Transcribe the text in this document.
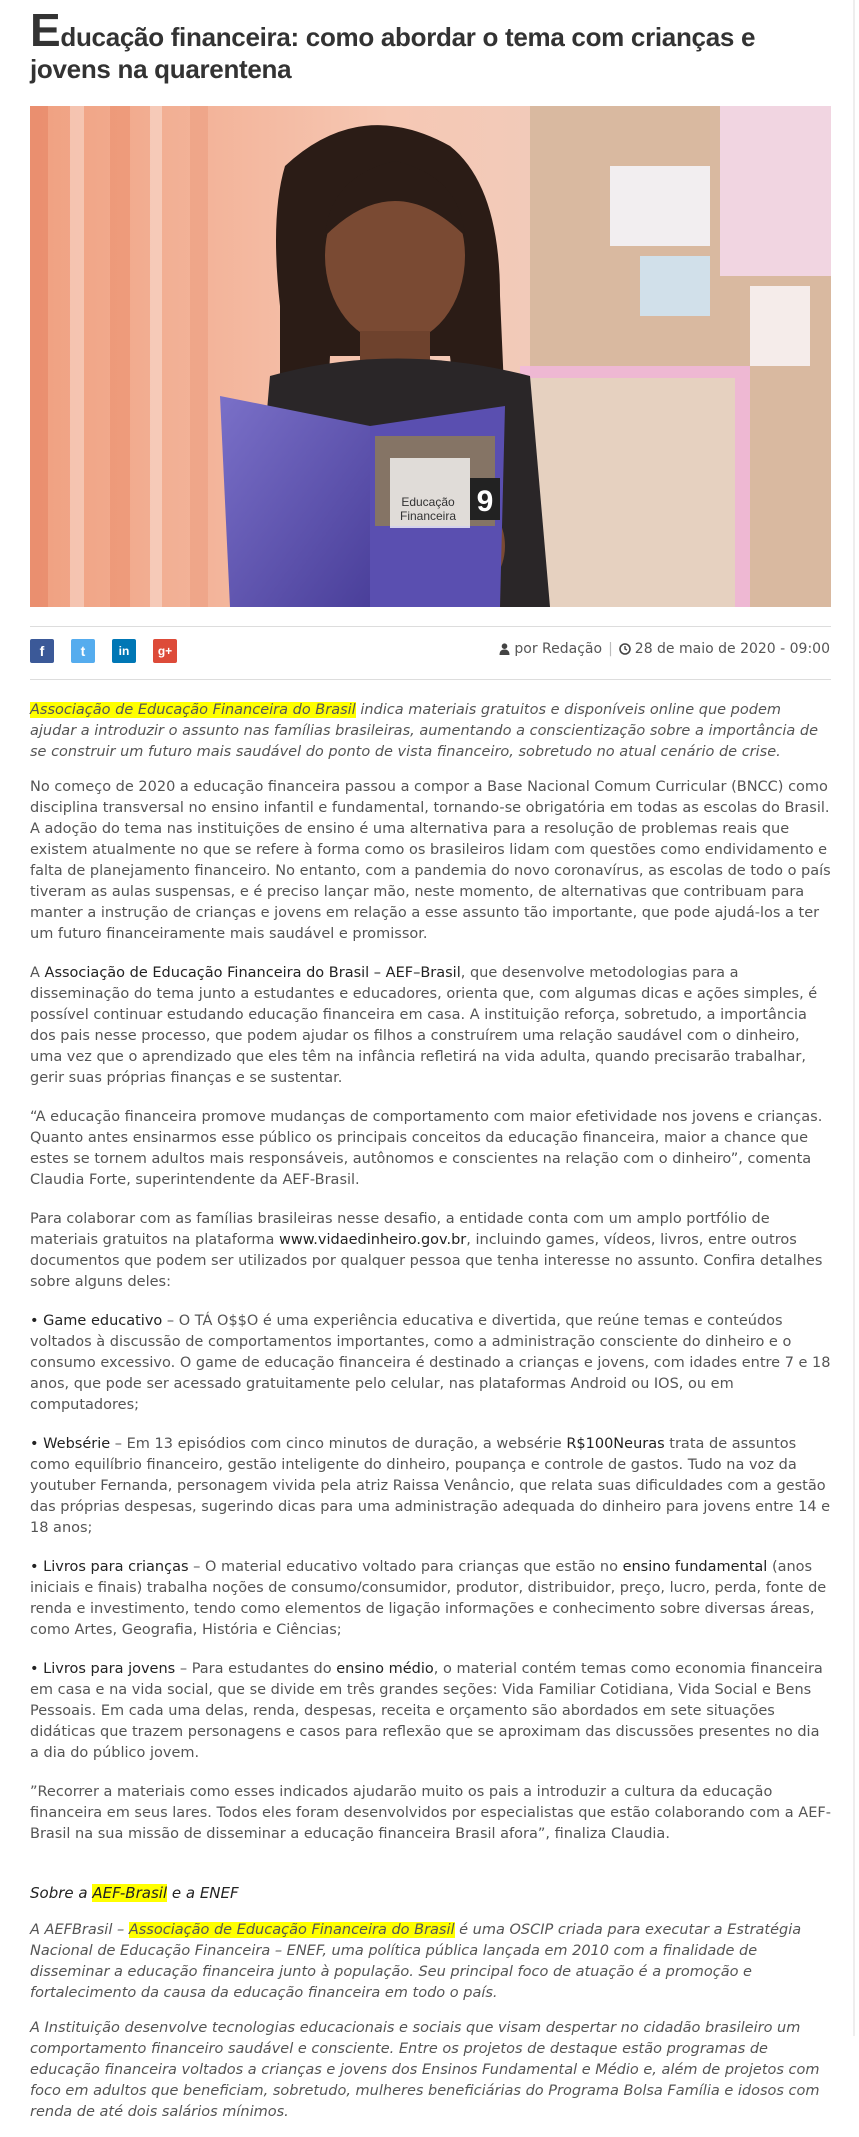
Educação financeira: como abordar o tema com crianças e jovens na quarentena
Educação
Financeira 9
f	t	in g+	por Redação | 28 de maio de 2020 - 09:00

Associação de Educação Financeira do Brasil indica materiais gratuitos e disponíveis online que podem ajudar a introduzir o assunto nas famílias brasileiras, aumentando a conscientização sobre a importância de se construir um futuro mais saudável do ponto de vista financeiro, sobretudo no atual cenário de crise.

No começo de 2020 a educação financeira passou a compor a Base Nacional Comum Curricular (BNCC) como disciplina transversal no ensino infantil e fundamental, tornando-se obrigatória em todas as escolas do Brasil. A adoção do tema nas instituições de ensino é uma alternativa para a resolução de problemas reais que existem atualmente no que se refere à forma como os brasileiros lidam com questões como endividamento e falta de planejamento financeiro. No entanto, com a pandemia do novo coronavírus, as escolas de todo o país tiveram as aulas suspensas, e é preciso lançar mão, neste momento, de alternativas que contribuam para manter a instrução de crianças e jovens em relação a esse assunto tão importante, que pode ajudá-los a ter um futuro financeiramente mais saudável e promissor.

A Associação de Educação Financeira do Brasil – AEF–Brasil, que desenvolve metodologias para a disseminação do tema junto a estudantes e educadores, orienta que, com algumas dicas e ações simples, é possível continuar estudando educação financeira em casa. A instituição reforça, sobretudo, a importância dos pais nesse processo, que podem ajudar os filhos a construírem uma relação saudável com o dinheiro, uma vez que o aprendizado que eles têm na infância refletirá na vida adulta, quando precisarão trabalhar, gerir suas próprias finanças e se sustentar.

“A educação financeira promove mudanças de comportamento com maior efetividade nos jovens e crianças. Quanto antes ensinarmos esse público os principais conceitos da educação financeira, maior a chance que estes se tornem adultos mais responsáveis, autônomos e conscientes na relação com o dinheiro”, comenta Claudia Forte, superintendente da AEF-Brasil.

Para colaborar com as famílias brasileiras nesse desafio, a entidade conta com um amplo portfólio de materiais gratuitos na plataforma www.vidaedinheiro.gov.br, incluindo games, vídeos, livros, entre outros documentos que podem ser utilizados por qualquer pessoa que tenha interesse no assunto. Confira detalhes sobre alguns deles:

• Game educativo – O TÁ O$$O é uma experiência educativa e divertida, que reúne temas e conteúdos voltados à discussão de comportamentos importantes, como a administração consciente do dinheiro e o consumo excessivo. O game de educação financeira é destinado a crianças e jovens, com idades entre 7 e 18 anos, que pode ser acessado gratuitamente pelo celular, nas plataformas Android ou IOS, ou em computadores;

• Websérie – Em 13 episódios com cinco minutos de duração, a websérie R$100Neuras trata de assuntos como equilíbrio financeiro, gestão inteligente do dinheiro, poupança e controle de gastos. Tudo na voz da youtuber Fernanda, personagem vivida pela atriz Raissa Venâncio, que relata suas dificuldades com a gestão das próprias despesas, sugerindo dicas para uma administração adequada do dinheiro para jovens entre 14 e 18 anos;

• Livros para crianças – O material educativo voltado para crianças que estão no ensino fundamental (anos iniciais e finais) trabalha noções de consumo/consumidor, produtor, distribuidor, preço, lucro, perda, fonte de renda e investimento, tendo como elementos de ligação informações e conhecimento sobre diversas áreas, como Artes, Geografia, História e Ciências;

• Livros para jovens – Para estudantes do ensino médio, o material contém temas como economia financeira em casa e na vida social, que se divide em três grandes seções: Vida Familiar Cotidiana, Vida Social e Bens Pessoais. Em cada uma delas, renda, despesas, receita e orçamento são abordados em sete situações didáticas que trazem personagens e casos para reflexão que se aproximam das discussões presentes no dia a dia do público jovem.

”Recorrer a materiais como esses indicados ajudarão muito os pais a introduzir a cultura da educação financeira em seus lares. Todos eles foram desenvolvidos por especialistas que estão colaborando com a AEF-Brasil na sua missão de disseminar a educação financeira Brasil afora”, finaliza Claudia.

Sobre a AEF-Brasil e a ENEF

A AEFBrasil – Associação de Educação Financeira do Brasil é uma OSCIP criada para executar a Estratégia Nacional de Educação Financeira – ENEF, uma política pública lançada em 2010 com a finalidade de disseminar a educação financeira junto à população. Seu principal foco de atuação é a promoção e fortalecimento da causa da educação financeira em todo o país.

A Instituição desenvolve tecnologias educacionais e sociais que visam despertar no cidadão brasileiro um comportamento financeiro saudável e consciente. Entre os projetos de destaque estão programas de educação financeira voltados a crianças e jovens dos Ensinos Fundamental e Médio e, além de projetos com foco em adultos que beneficiam, sobretudo, mulheres beneficiárias do Programa Bolsa Família e idosos com renda de até dois salários mínimos.
